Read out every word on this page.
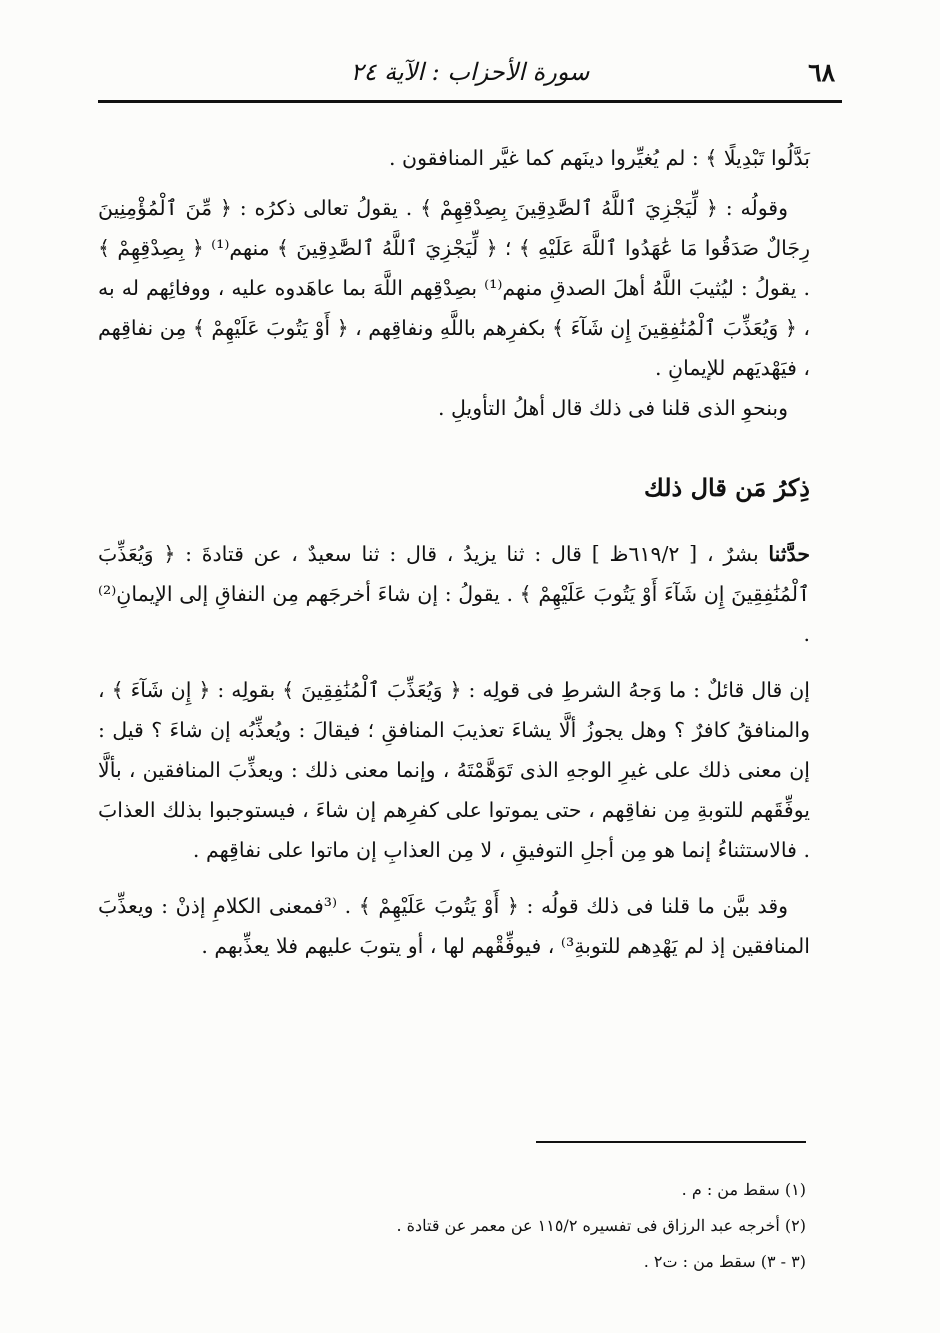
٦٨
سورة الأحزاب : الآية ٢٤

بَدَّلُوا تَبْدِيلًا ﴾ : لم يُغيِّروا دينَهم كما غيَّر المنافقون .

وقولُه : ﴿ لِّيَجْزِيَ ٱللَّهُ ٱلصَّٰدِقِينَ بِصِدْقِهِمْ ﴾ . يقولُ تعالى ذكرُه : ﴿ مِّنَ ٱلْمُؤْمِنِينَ رِجَالٌ صَدَقُوا مَا عَٰهَدُوا ٱللَّهَ عَلَيْهِ ﴾ ؛ ﴿ لِّيَجْزِيَ ٱللَّهُ ٱلصَّٰدِقِينَ ﴾ منهم⁽¹⁾ ﴿ بِصِدْقِهِمْ ﴾ . يقولُ : ليُثيبَ اللَّهُ أهلَ الصدقِ منهم⁽¹⁾ بصِدْقِهم اللَّهَ بما عاهَدوه عليه ، ووفائِهم له به ، ﴿ وَيُعَذِّبَ ٱلْمُنَٰفِقِينَ إِن شَآءَ ﴾ بكفرِهم باللَّهِ ونفاقِهم ، ﴿ أَوْ يَتُوبَ عَلَيْهِمْ ﴾ مِن نفاقِهم ، فيَهْديَهم للإيمانِ .

وبنحوِ الذى قلنا فى ذلك قال أهلُ التأويلِ .

ذِكرُ مَن قال ذلك

حدَّثنا بشرٌ ، [ ٦١٩/٢ظ ] قال : ثنا يزيدُ ، قال : ثنا سعيدٌ ، عن قتادةَ : ﴿ وَيُعَذِّبَ ٱلْمُنَٰفِقِينَ إِن شَآءَ أَوْ يَتُوبَ عَلَيْهِمْ ﴾ . يقولُ : إن شاءَ أخرجَهم مِن النفاقِ إلى الإيمانِ⁽²⁾ .

إن قال قائلٌ : ما وَجهُ الشرطِ فى قولِه : ﴿ وَيُعَذِّبَ ٱلْمُنَٰفِقِينَ ﴾ بقولِه : ﴿ إِن شَآءَ ﴾ ، والمنافقُ كافرٌ ؟ وهل يجوزُ ألَّا يشاءَ تعذيبَ المنافقِ ؛ فيقالَ : ويُعذِّبُه إن شاءَ ؟ قيل : إن معنى ذلك على غيرِ الوجهِ الذى تَوَهَّمْتَهُ ، وإنما معنى ذلك : ويعذِّبَ المنافقين ، بألَّا يوفِّقَهم للتوبةِ مِن نفاقِهم ، حتى يموتوا على كفرِهم إن شاءَ ، فيستوجبوا بذلك العذابَ . فالاستثناءُ إنما هو مِن أجلِ التوفيقِ ، لا مِن العذابِ إن ماتوا على نفاقِهم .

وقد بيَّن ما قلنا فى ذلك قولُه : ﴿ أَوْ يَتُوبَ عَلَيْهِمْ ﴾ . ⁽³فمعنى الكلامِ إذنْ : ويعذِّبَ المنافقين إذ لم يَهْدِهم للتوبةِ³⁾ ، فيوفِّقْهم لها ، أو يتوبَ عليهم فلا يعذِّبهم .

(١) سقط من : م .

(٢) أخرجه عبد الرزاق فى تفسيره ١١٥/٢ عن معمر عن قتادة .

(٣ - ٣) سقط من : ت٢ .
